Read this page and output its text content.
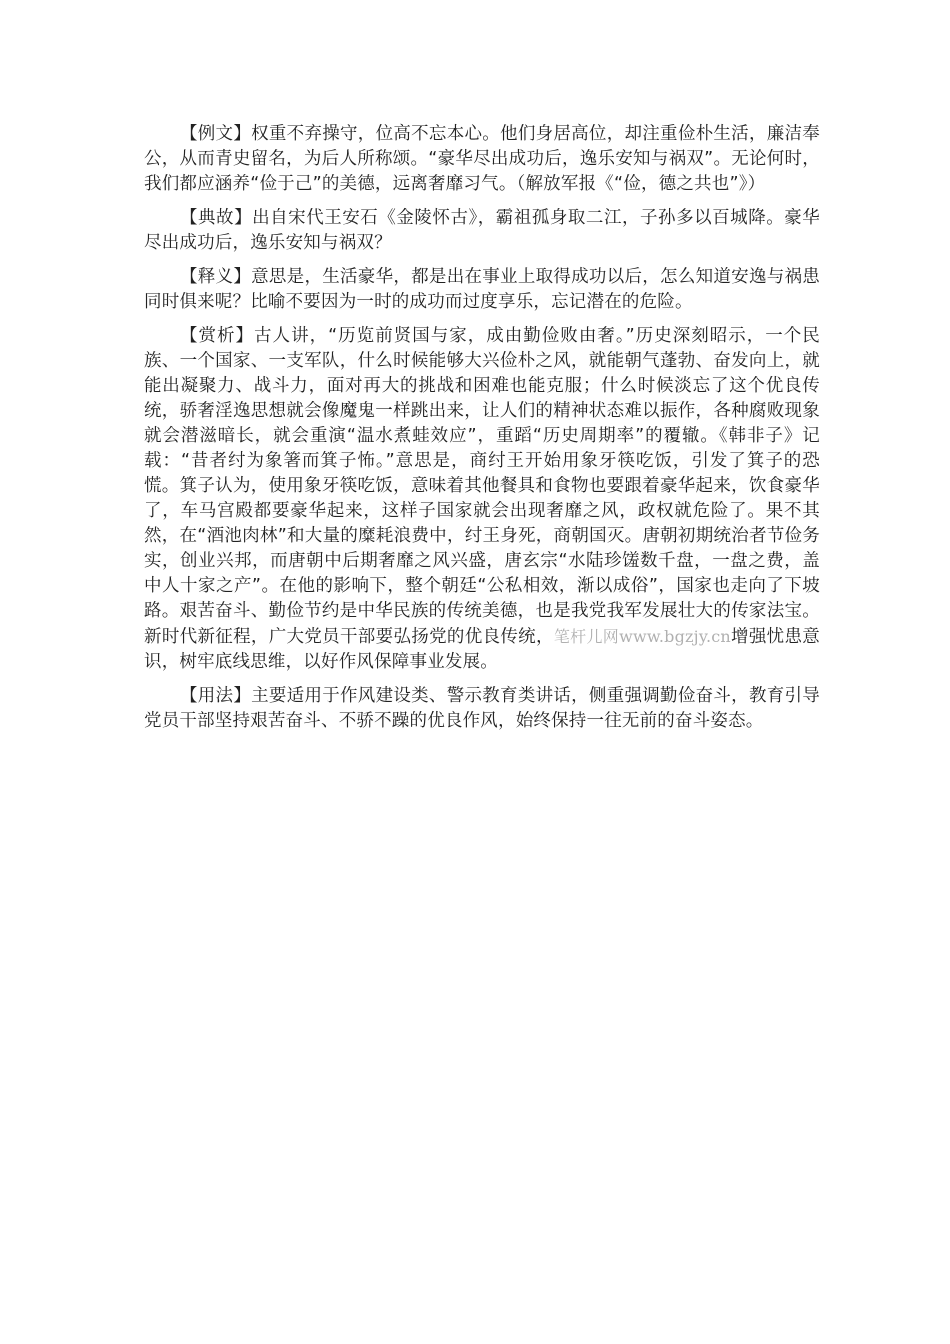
【例文】权重不弃操守，位高不忘本心。他们身居高位，却注重俭朴生活，廉洁奉公，从而青史留名，为后人所称颂。“豪华尽出成功后，逸乐安知与祸双”。无论何时，我们都应涵养“俭于己”的美德，远离奢靡习气。（解放军报《“俭，德之共也”》）

【典故】出自宋代王安石《金陵怀古》，霸祖孤身取二江，子孙多以百城降。豪华尽出成功后，逸乐安知与祸双？

【释义】意思是，生活豪华，都是出在事业上取得成功以后，怎么知道安逸与祸患同时俱来呢？比喻不要因为一时的成功而过度享乐，忘记潜在的危险。

【赏析】古人讲，“历览前贤国与家，成由勤俭败由奢。”历史深刻昭示，一个民族、一个国家、一支军队，什么时候能够大兴俭朴之风，就能朝气蓬勃、奋发向上，就能出凝聚力、战斗力，面对再大的挑战和困难也能克服；什么时候淡忘了这个优良传统，骄奢淫逸思想就会像魔鬼一样跳出来，让人们的精神状态难以振作，各种腐败现象就会潜滋暗长，就会重演“温水煮蛙效应”，重蹈“历史周期率”的覆辙。《韩非子》记载：“昔者纣为象箸而箕子怖。”意思是，商纣王开始用象牙筷吃饭，引发了箕子的恐慌。箕子认为，使用象牙筷吃饭，意味着其他餐具和食物也要跟着豪华起来，饮食豪华了，车马宫殿都要豪华起来，这样子国家就会出现奢靡之风，政权就危险了。果不其然，在“酒池肉林”和大量的糜耗浪费中，纣王身死，商朝国灭。唐朝初期统治者节俭务实，创业兴邦，而唐朝中后期奢靡之风兴盛，唐玄宗“水陆珍馐数千盘，一盘之费，盖中人十家之产”。在他的影响下，整个朝廷“公私相效，渐以成俗”，国家也走向了下坡路。艰苦奋斗、勤俭节约是中华民族的传统美德，也是我党我军发展壮大的传家法宝。新时代新征程，广大党员干部要弘扬党的优良传统，笔杆儿网www.bgzjy.cn增强忧患意识，树牢底线思维，以好作风保障事业发展。

【用法】主要适用于作风建设类、警示教育类讲话，侧重强调勤俭奋斗，教育引导党员干部坚持艰苦奋斗、不骄不躁的优良作风，始终保持一往无前的奋斗姿态。
